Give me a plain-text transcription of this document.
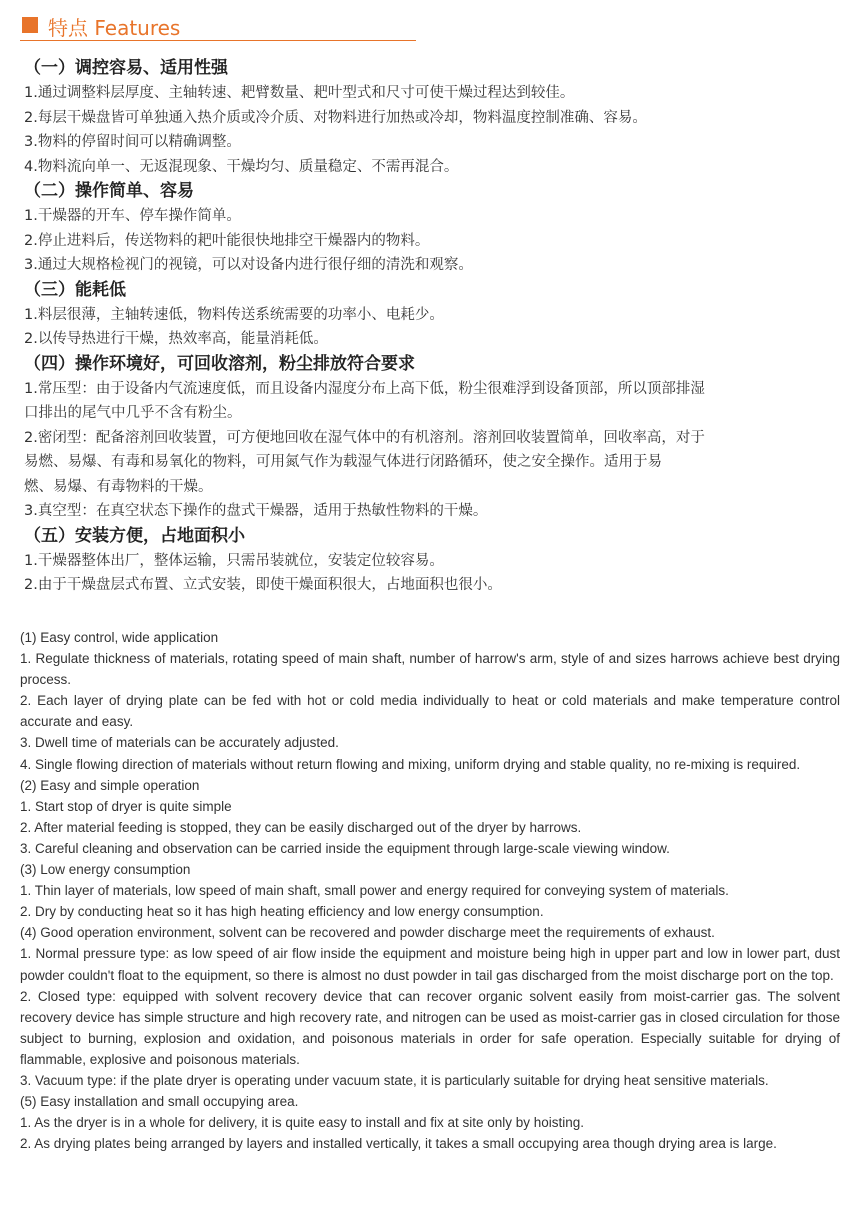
特点 Features
（一）调控容易、适用性强
1.通过调整料层厚度、主轴转速、耙臂数量、耙叶型式和尺寸可使干燥过程达到较佳。
2.每层干燥盘皆可单独通入热介质或冷介质、对物料进行加热或冷却，物料温度控制准确、容易。
3.物料的停留时间可以精确调整。
4.物料流向单一、无返混现象、干燥均匀、质量稳定、不需再混合。
（二）操作简单、容易
1.干燥器的开车、停车操作简单。
2.停止进料后，传送物料的耙叶能很快地排空干燥器内的物料。
3.通过大规格检视门的视镜，可以对设备内进行很仔细的清洗和观察。
（三）能耗低
1.料层很薄，主轴转速低，物料传送系统需要的功率小、电耗少。
2.以传导热进行干燥，热效率高，能量消耗低。
（四）操作环境好，可回收溶剂，粉尘排放符合要求
1.常压型：由于设备内气流速度低，而且设备内湿度分布上高下低，粉尘很难浮到设备顶部，所以顶部排湿
口排出的尾气中几乎不含有粉尘。
2.密闭型：配备溶剂回收装置，可方便地回收在湿气体中的有机溶剂。溶剂回收装置简单，回收率高，对于
易燃、易爆、有毒和易氧化的物料，可用氮气作为载湿气体进行闭路循环，使之安全操作。适用于易
燃、易爆、有毒物料的干燥。
3.真空型：在真空状态下操作的盘式干燥器，适用于热敏性物料的干燥。
（五）安装方便，占地面积小
1.干燥器整体出厂，整体运输，只需吊装就位，安装定位较容易。
2.由于干燥盘层式布置、立式安装，即使干燥面积很大，占地面积也很小。
(1) Easy control, wide application
1. Regulate thickness of materials, rotating speed of main shaft, number of harrow's arm, style of and sizes harrows achieve best drying process.
2. Each layer of drying plate can be fed with hot or cold media individually to heat or cold materials and make temperature control accurate and easy.
3. Dwell time of materials can be accurately adjusted.
4. Single flowing direction of materials without return flowing and mixing, uniform drying and stable quality, no re-mixing is required.
(2) Easy and simple operation
1. Start stop of dryer is quite simple
2. After material feeding is stopped, they can be easily discharged out of the dryer by harrows.
3. Careful cleaning and observation can be carried inside the equipment through large-scale viewing window.
(3) Low energy consumption
1. Thin layer of materials, low speed of main shaft, small power and energy required for conveying system of materials.
2. Dry by conducting heat so it has high heating efficiency and low energy consumption.
(4) Good operation environment, solvent can be recovered and powder discharge meet the requirements of exhaust.
1. Normal pressure type: as low speed of air flow inside the equipment and moisture being high in upper part and low in lower part, dust powder couldn't float to the equipment, so there is almost no dust powder in tail gas discharged from the moist discharge port on the top.
2. Closed type: equipped with solvent recovery device that can recover organic solvent easily from moist-carrier gas. The solvent recovery device has simple structure and high recovery rate, and nitrogen can be used as moist-carrier gas in closed circulation for those subject to burning, explosion and oxidation, and poisonous materials in order for safe operation. Especially suitable for drying of flammable, explosive and poisonous materials.
3. Vacuum type: if the plate dryer is operating under vacuum state, it is particularly suitable for drying heat sensitive materials.
(5) Easy installation and small occupying area.
1. As the dryer is in a whole for delivery, it is quite easy to install and fix at site only by hoisting.
2. As drying plates being arranged by layers and installed vertically, it takes a small occupying area though drying area is large.
